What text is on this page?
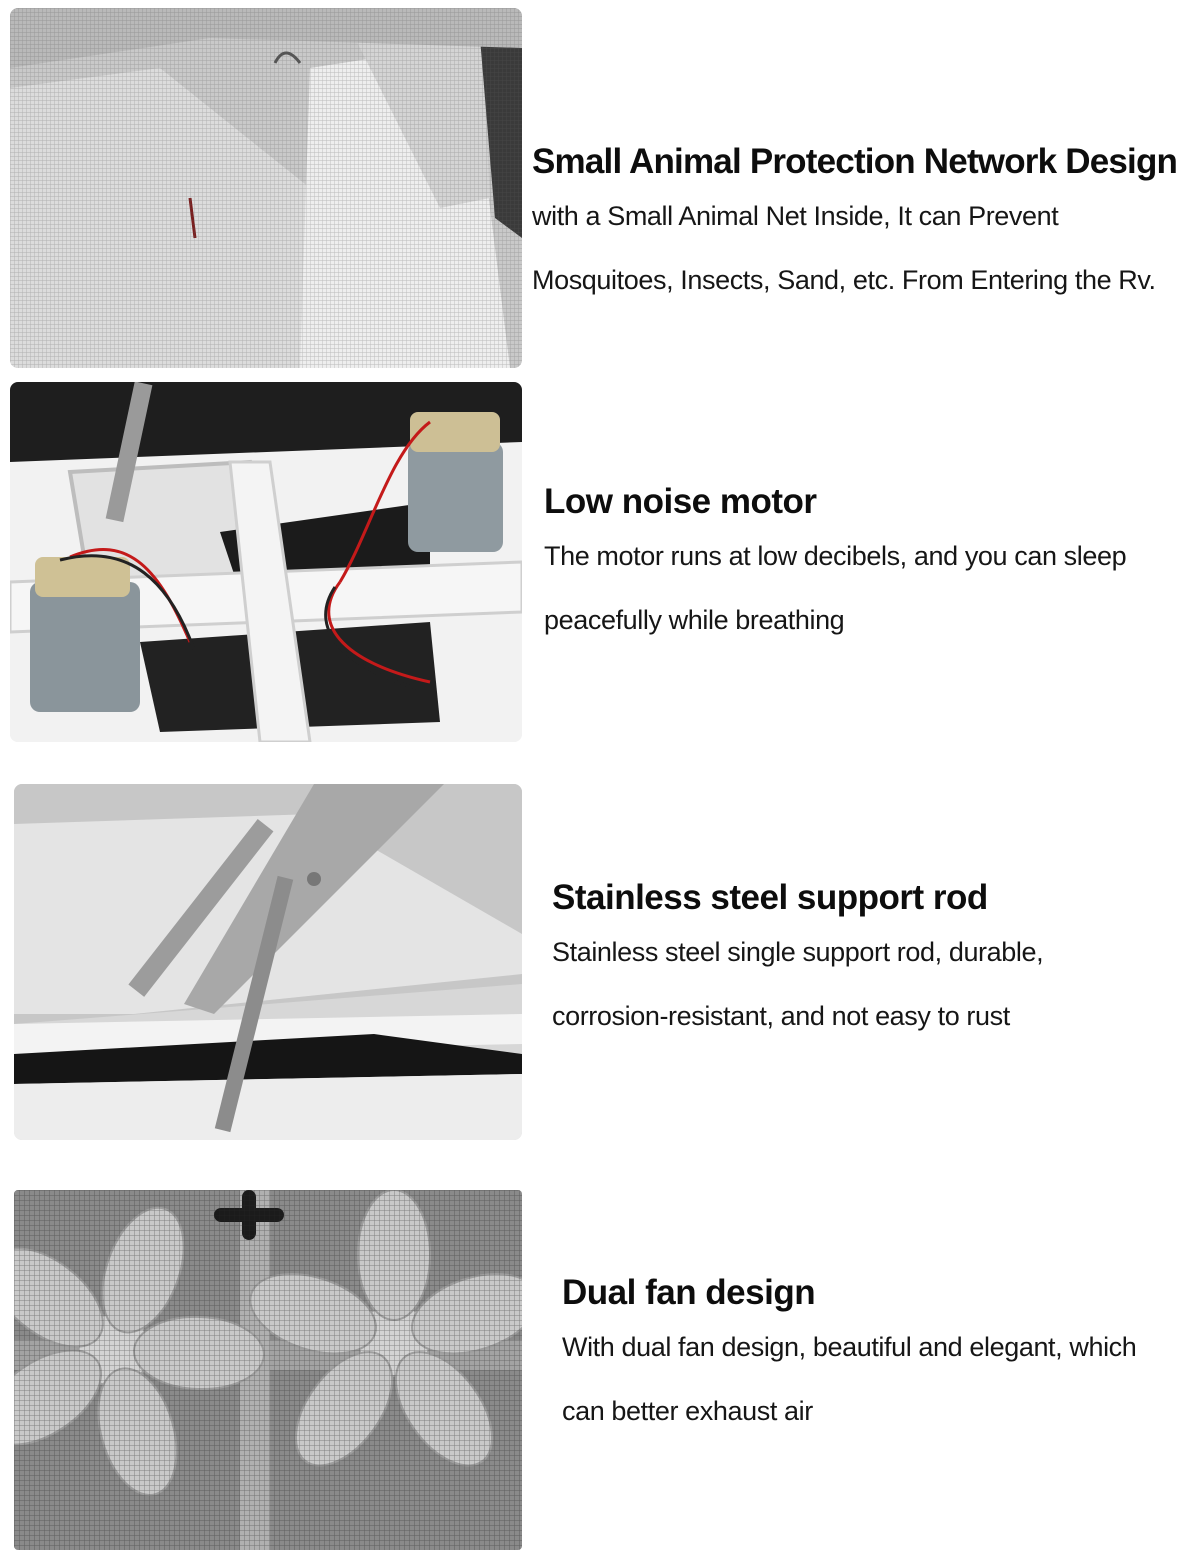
Small Animal Protection Network Design

with a Small Animal Net Inside, It can Prevent

Mosquitoes, Insects, Sand, etc. From Entering the Rv.

Low noise motor

The motor runs at low decibels, and you can sleep

peacefully while breathing

Stainless steel support rod

Stainless steel single support rod, durable,

corrosion-resistant, and not easy to rust

Dual fan design

With dual fan design, beautiful and elegant, which

can better exhaust air
